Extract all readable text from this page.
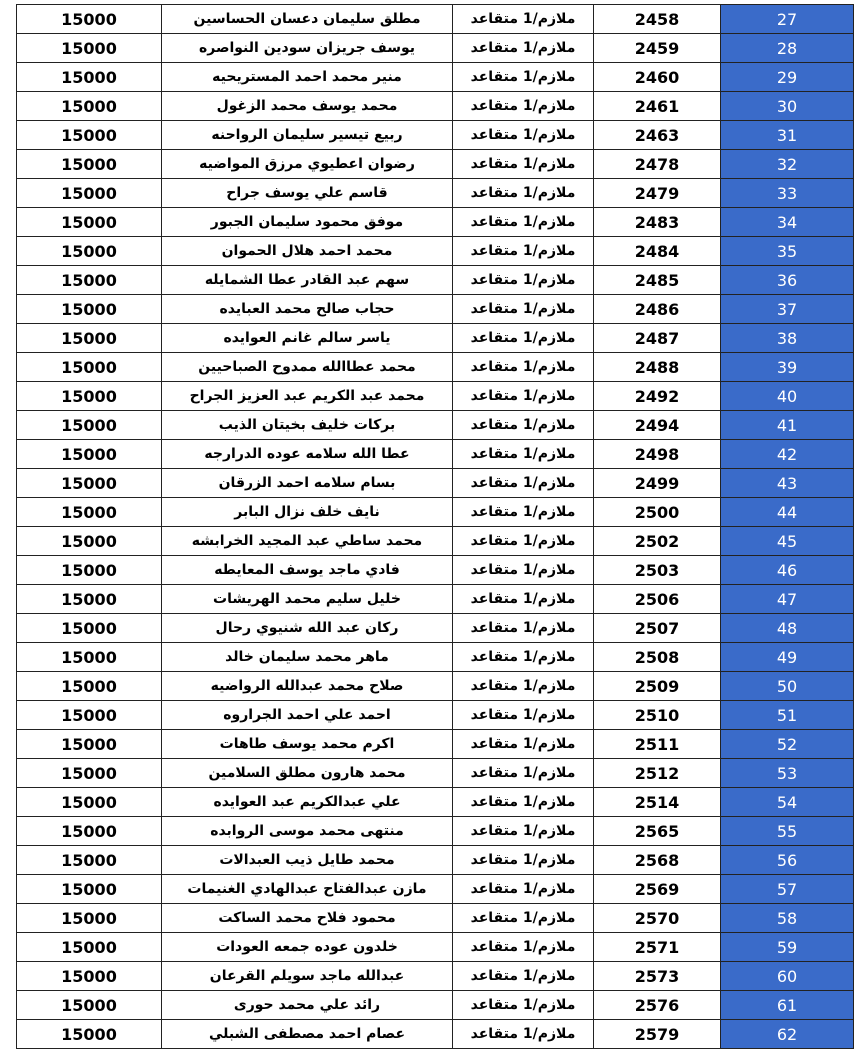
27	2458	ملازم/1 متقاعد	مطلق سليمان دعسان الحساسين	15000
28	2459	ملازم/1 متقاعد	يوسف جريزان سودين النواصره	15000
29	2460	ملازم/1 متقاعد	منير محمد احمد المستريحيه	15000
30	2461	ملازم/1 متقاعد	محمد يوسف محمد الزغول	15000
31	2463	ملازم/1 متقاعد	ربيع تيسير سليمان الرواحنه	15000
32	2478	ملازم/1 متقاعد	رضوان اعطيوي مرزق المواضيه	15000
33	2479	ملازم/1 متقاعد	قاسم علي يوسف جراح	15000
34	2483	ملازم/1 متقاعد	موفق محمود سليمان الجبور	15000
35	2484	ملازم/1 متقاعد	محمد احمد هلال الحموان	15000
36	2485	ملازم/1 متقاعد	سهم عبد القادر عطا الشمايله	15000
37	2486	ملازم/1 متقاعد	حجاب صالح محمد العبايده	15000
38	2487	ملازم/1 متقاعد	ياسر سالم غانم العوايده	15000
39	2488	ملازم/1 متقاعد	محمد عطاالله ممدوح الصباحيين	15000
40	2492	ملازم/1 متقاعد	محمد عبد الكريم عبد العزيز الجراح	15000
41	2494	ملازم/1 متقاعد	بركات خليف بخيتان الذيب	15000
42	2498	ملازم/1 متقاعد	عطا الله سلامه عوده الدرارجه	15000
43	2499	ملازم/1 متقاعد	بسام سلامه احمد الزرقان	15000
44	2500	ملازم/1 متقاعد	نايف خلف نزال البابر	15000
45	2502	ملازم/1 متقاعد	محمد ساطي عبد المجيد الخرابشه	15000
46	2503	ملازم/1 متقاعد	فادي ماجد يوسف المعايطه	15000
47	2506	ملازم/1 متقاعد	خليل سليم محمد الهريشات	15000
48	2507	ملازم/1 متقاعد	ركان عبد الله شنيوي رحال	15000
49	2508	ملازم/1 متقاعد	ماهر محمد سليمان خالد	15000
50	2509	ملازم/1 متقاعد	صلاح محمد عبدالله الرواضيه	15000
51	2510	ملازم/1 متقاعد	احمد علي احمد الجراروه	15000
52	2511	ملازم/1 متقاعد	اكرم محمد يوسف طاهات	15000
53	2512	ملازم/1 متقاعد	محمد هارون مطلق السلامين	15000
54	2514	ملازم/1 متقاعد	علي عبدالكريم عبد العوايده	15000
55	2565	ملازم/1 متقاعد	منتهى محمد موسى الروابده	15000
56	2568	ملازم/1 متقاعد	محمد طايل ذيب العبدالات	15000
57	2569	ملازم/1 متقاعد	مازن عبدالفتاح عبدالهادي الغنيمات	15000
58	2570	ملازم/1 متقاعد	محمود فلاح محمد الساكت	15000
59	2571	ملازم/1 متقاعد	خلدون عوده جمعه العودات	15000
60	2573	ملازم/1 متقاعد	عبدالله ماجد سويلم القرعان	15000
61	2576	ملازم/1 متقاعد	رائد علي محمد حورى	15000
62	2579	ملازم/1 متقاعد	عصام احمد مصطفى الشبلي	15000
